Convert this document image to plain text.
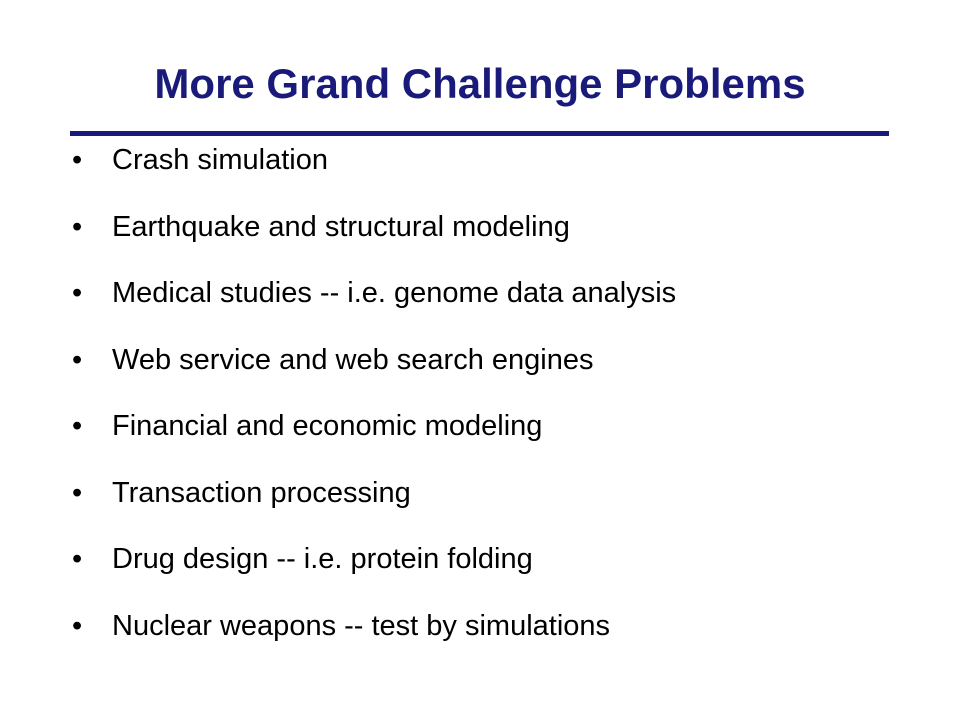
More Grand Challenge Problems
•	Crash simulation
•	Earthquake and structural modeling
•	Medical studies -- i.e. genome data analysis
•	Web service and web search engines
•	Financial and economic modeling
•	Transaction processing
•	Drug design -- i.e. protein folding
•	Nuclear weapons -- test by simulations
